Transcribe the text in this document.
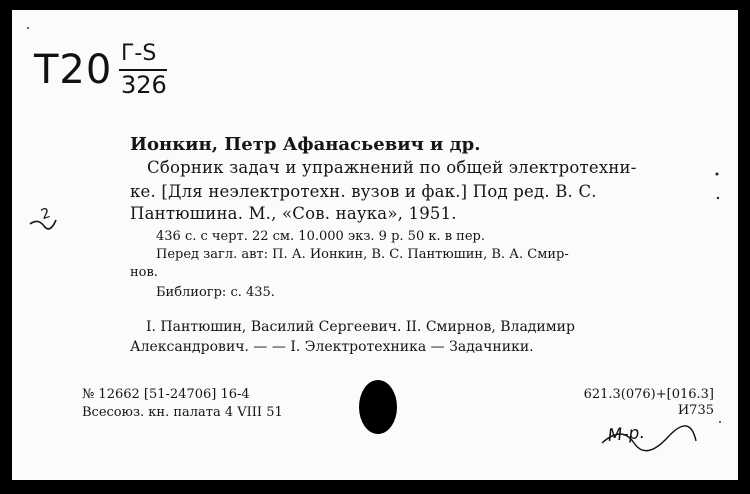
Т20 Г-S
326
Ионкин, Петр Афанасьевич и др.
Сборник задач и упражнений по общей электротехни-
ке. [Для неэлектротехн. вузов и фак.] Под ред. В. С.
Пантюшина. М., «Сов. наука», 1951.
436 с. с черт. 22 см. 10.000 экз. 9 р. 50 к. в пер.
Перед загл. авт: П. А. Ионкин, В. С. Пантюшин, В. А. Смир-
нов.
Библиогр: с. 435.
I. Пантюшин, Василий Сергеевич. II. Смирнов, Владимир
Александрович. — — I. Электротехника — Задачники.
№ 12662 [51-24706] 16-4
Всесоюз. кн. палата 4 VIII 51
621.3(076)+[016.3]
И735
2
М-р.
